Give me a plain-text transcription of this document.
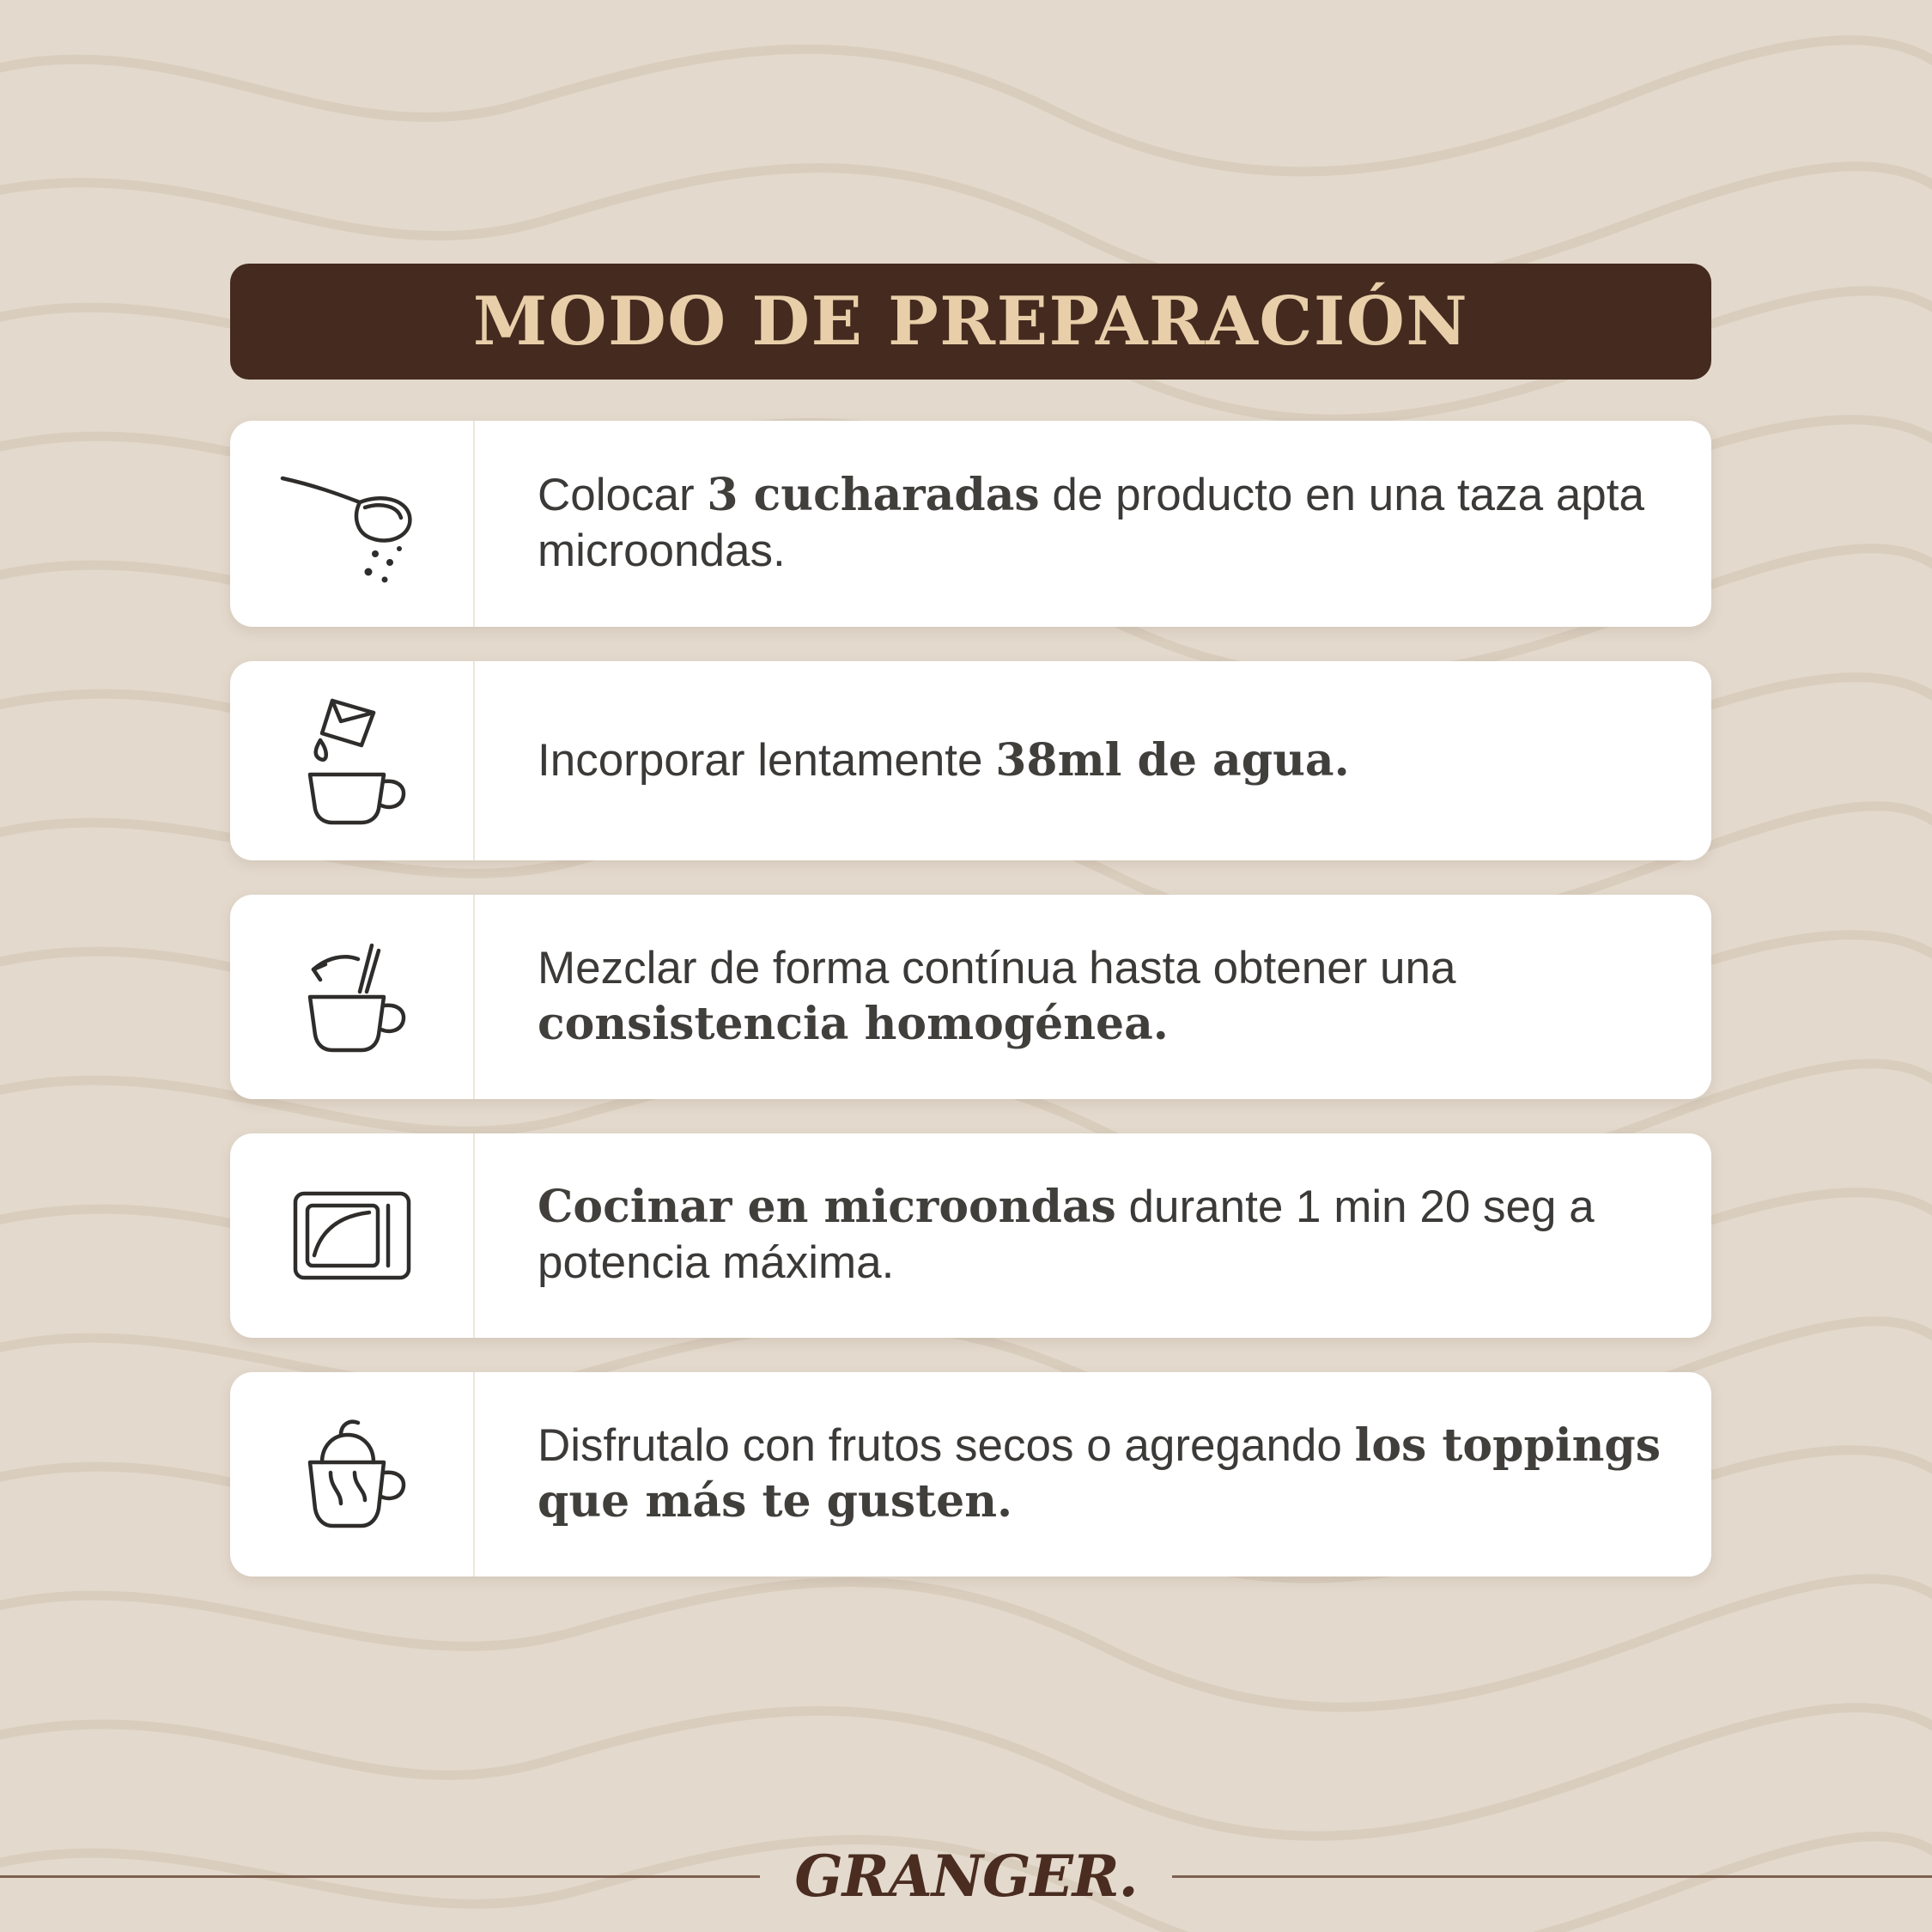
MODO DE PREPARACIÓN
Colocar 3 cucharadas de producto en una taza apta microondas.
Incorporar lentamente 38ml de agua.
Mezclar de forma contínua hasta obtener una consistencia homogénea.
Cocinar en microondas durante 1 min 20 seg a potencia máxima.
Disfrutalo con frutos secos o agregando los toppings que más te gusten.
GRANGER.
